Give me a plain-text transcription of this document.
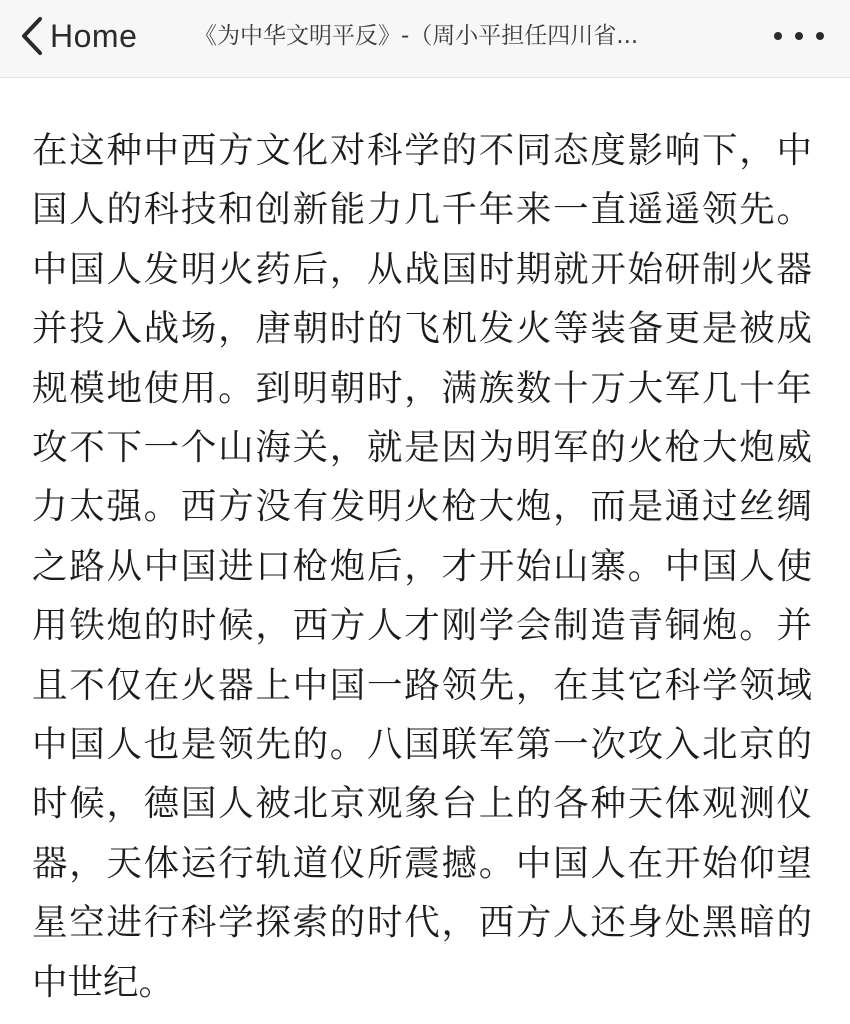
Home 《为中华文明平反》-（周小平担任四川省...

在这种中西方文化对科学的不同态度影响下，中国人的科技和创新能力几千年来一直遥遥领先。中国人发明火药后，从战国时期就开始研制火器并投入战场，唐朝时的飞机发火等装备更是被成规模地使用。到明朝时，满族数十万大军几十年攻不下一个山海关，就是因为明军的火枪大炮威力太强。西方没有发明火枪大炮，而是通过丝绸之路从中国进口枪炮后，才开始山寨。中国人使用铁炮的时候，西方人才刚学会制造青铜炮。并且不仅在火器上中国一路领先，在其它科学领域中国人也是领先的。八国联军第一次攻入北京的时候，德国人被北京观象台上的各种天体观测仪器，天体运行轨道仪所震撼。中国人在开始仰望星空进行科学探索的时代，西方人还身处黑暗的中世纪。
